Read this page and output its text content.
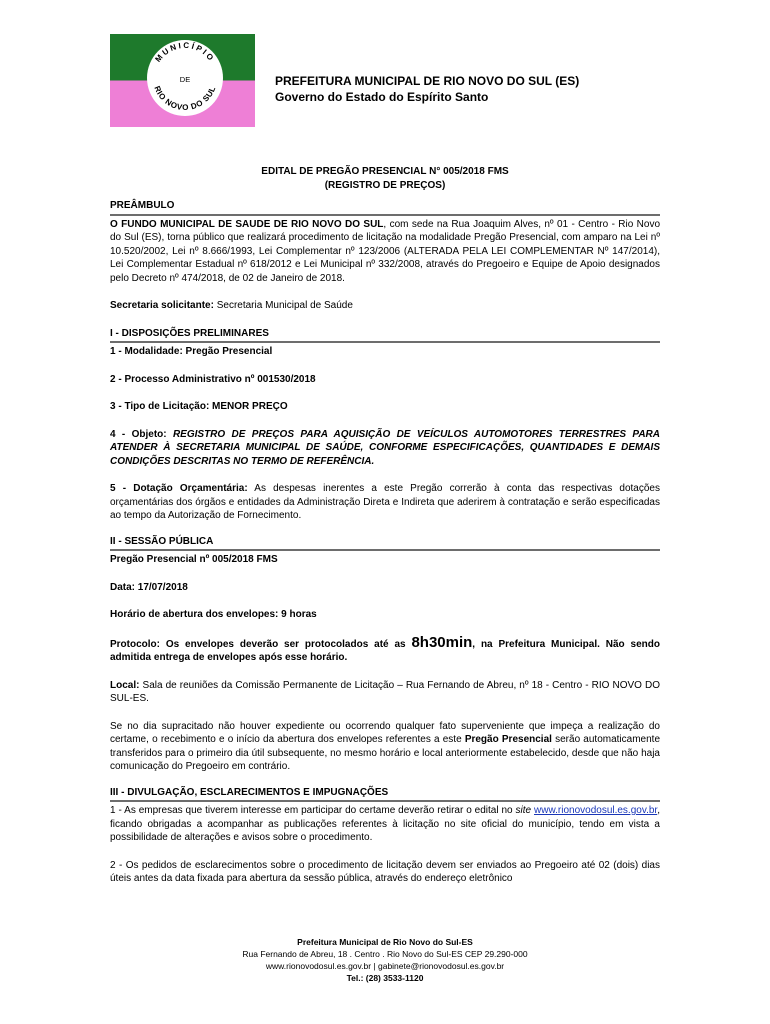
MUNICÍPIO
DE
RIO NOVO DO SUL
PREFEITURA MUNICIPAL DE RIO NOVO DO SUL (ES)
Governo do Estado do Espírito Santo
EDITAL DE PREGÃO PRESENCIAL N° 005/2018 FMS
(REGISTRO DE PREÇOS)
PREÂMBULO
O FUNDO MUNICIPAL DE SAUDE DE RIO NOVO DO SUL, com sede na Rua Joaquim Alves, nº 01 - Centro - Rio Novo do Sul (ES), torna público que realizará procedimento de licitação na modalidade Pregão Presencial, com amparo na Lei nº 10.520/2002, Lei nº 8.666/1993, Lei Complementar nº 123/2006 (ALTERADA PELA LEI COMPLEMENTAR Nº 147/2014), Lei Complementar Estadual nº 618/2012 e Lei Municipal nº 332/2008, através do Pregoeiro e Equipe de Apoio designados pelo Decreto nº 474/2018, de 02 de Janeiro de 2018.
Secretaria solicitante: Secretaria Municipal de Saúde
I - DISPOSIÇÕES PRELIMINARES
1 - Modalidade: Pregão Presencial
2 - Processo Administrativo nº 001530/2018
3 - Tipo de Licitação: MENOR PREÇO
4 - Objeto: REGISTRO DE PREÇOS PARA AQUISIÇÃO DE VEÍCULOS AUTOMOTORES TERRESTRES PARA ATENDER À SECRETARIA MUNICIPAL DE SAÚDE, CONFORME ESPECIFICAÇÕES, QUANTIDADES E DEMAIS CONDIÇÕES DESCRITAS NO TERMO DE REFERÊNCIA.
5 - Dotação Orçamentária: As despesas inerentes a este Pregão correrão à conta das respectivas dotações orçamentárias dos órgãos e entidades da Administração Direta e Indireta que aderirem à contratação e serão especificadas ao tempo da Autorização de Fornecimento.
II - SESSÃO PÚBLICA
Pregão Presencial nº 005/2018 FMS
Data: 17/07/2018
Horário de abertura dos envelopes: 9 horas
Protocolo: Os envelopes deverão ser protocolados até as 8h30min, na Prefeitura Municipal. Não sendo admitida entrega de envelopes após esse horário.
Local: Sala de reuniões da Comissão Permanente de Licitação – Rua Fernando de Abreu, nº 18 - Centro - RIO NOVO DO SUL-ES.
Se no dia supracitado não houver expediente ou ocorrendo qualquer fato superveniente que impeça a realização do certame, o recebimento e o início da abertura dos envelopes referentes a este Pregão Presencial serão automaticamente transferidos para o primeiro dia útil subsequente, no mesmo horário e local anteriormente estabelecido, desde que não haja comunicação do Pregoeiro em contrário.
III - DIVULGAÇÃO, ESCLARECIMENTOS E IMPUGNAÇÕES
1 - As empresas que tiverem interesse em participar do certame deverão retirar o edital no site www.rionovodosul.es.gov.br, ficando obrigadas a acompanhar as publicações referentes à licitação no site oficial do município, tendo em vista a possibilidade de alterações e avisos sobre o procedimento.
2 - Os pedidos de esclarecimentos sobre o procedimento de licitação devem ser enviados ao Pregoeiro até 02 (dois) dias úteis antes da data fixada para abertura da sessão pública, através do endereço eletrônico
Prefeitura Municipal de Rio Novo do Sul-ES
Rua Fernando de Abreu, 18 . Centro . Rio Novo do Sul-ES CEP 29.290-000
www.rionovodosul.es.gov.br | gabinete@rionovodosul.es.gov.br
Tel.: (28) 3533-1120
